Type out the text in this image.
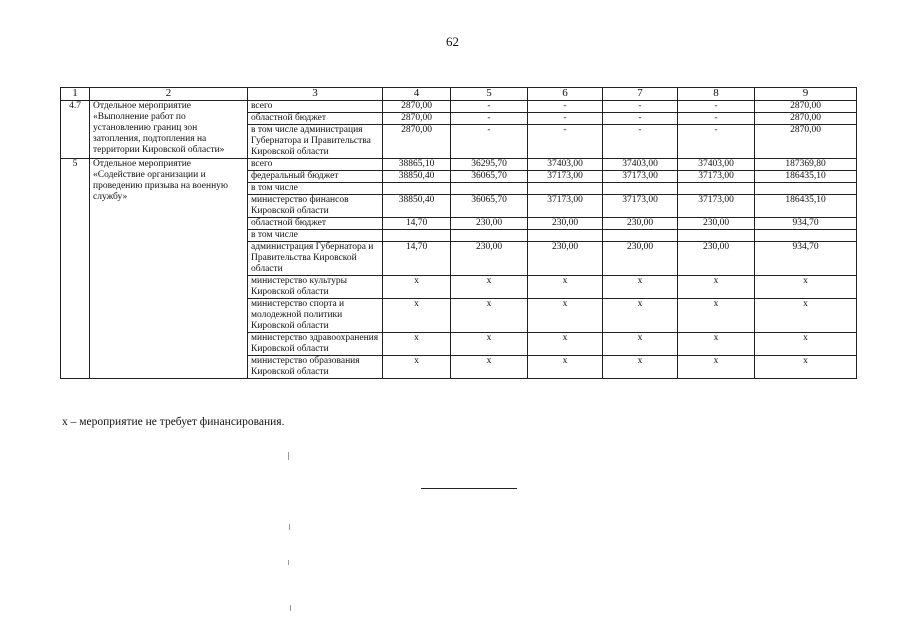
62
1	2	3	4	5	6	7	8	9
4.7	Отдельное мероприятие «Выполнение работ по установлению границ зон затопления, подтопления на территории Кировской области»	всего	2870,00	-	-	-	-	2870,00
		областной бюджет	2870,00	-	-	-	-	2870,00
		в том числе администрация Губернатора и Правительства Кировской области	2870,00	-	-	-	-	2870,00
5	Отдельное мероприятие «Содействие организации и проведению призыва на военную службу»	всего	38865,10	36295,70	37403,00	37403,00	37403,00	187369,80
		федеральный бюджет	38850,40	36065,70	37173,00	37173,00	37173,00	186435,10
		в том числе						
		министерство финансов Кировской области	38850,40	36065,70	37173,00	37173,00	37173,00	186435,10
		областной бюджет	14,70	230,00	230,00	230,00	230,00	934,70
		в том числе						
		администрация Губернатора и Правительства Кировской области	14,70	230,00	230,00	230,00	230,00	934,70
		министерство культуры Кировской области	x	x	x	x	x	x
		министерство спорта и молодежной политики Кировской области	x	x	x	x	x	x
		министерство здравоохранения Кировской области	x	x	x	x	x	x
		министерство образования Кировской области	x	x	x	x	x	x
x – мероприятие не требует финансирования.
